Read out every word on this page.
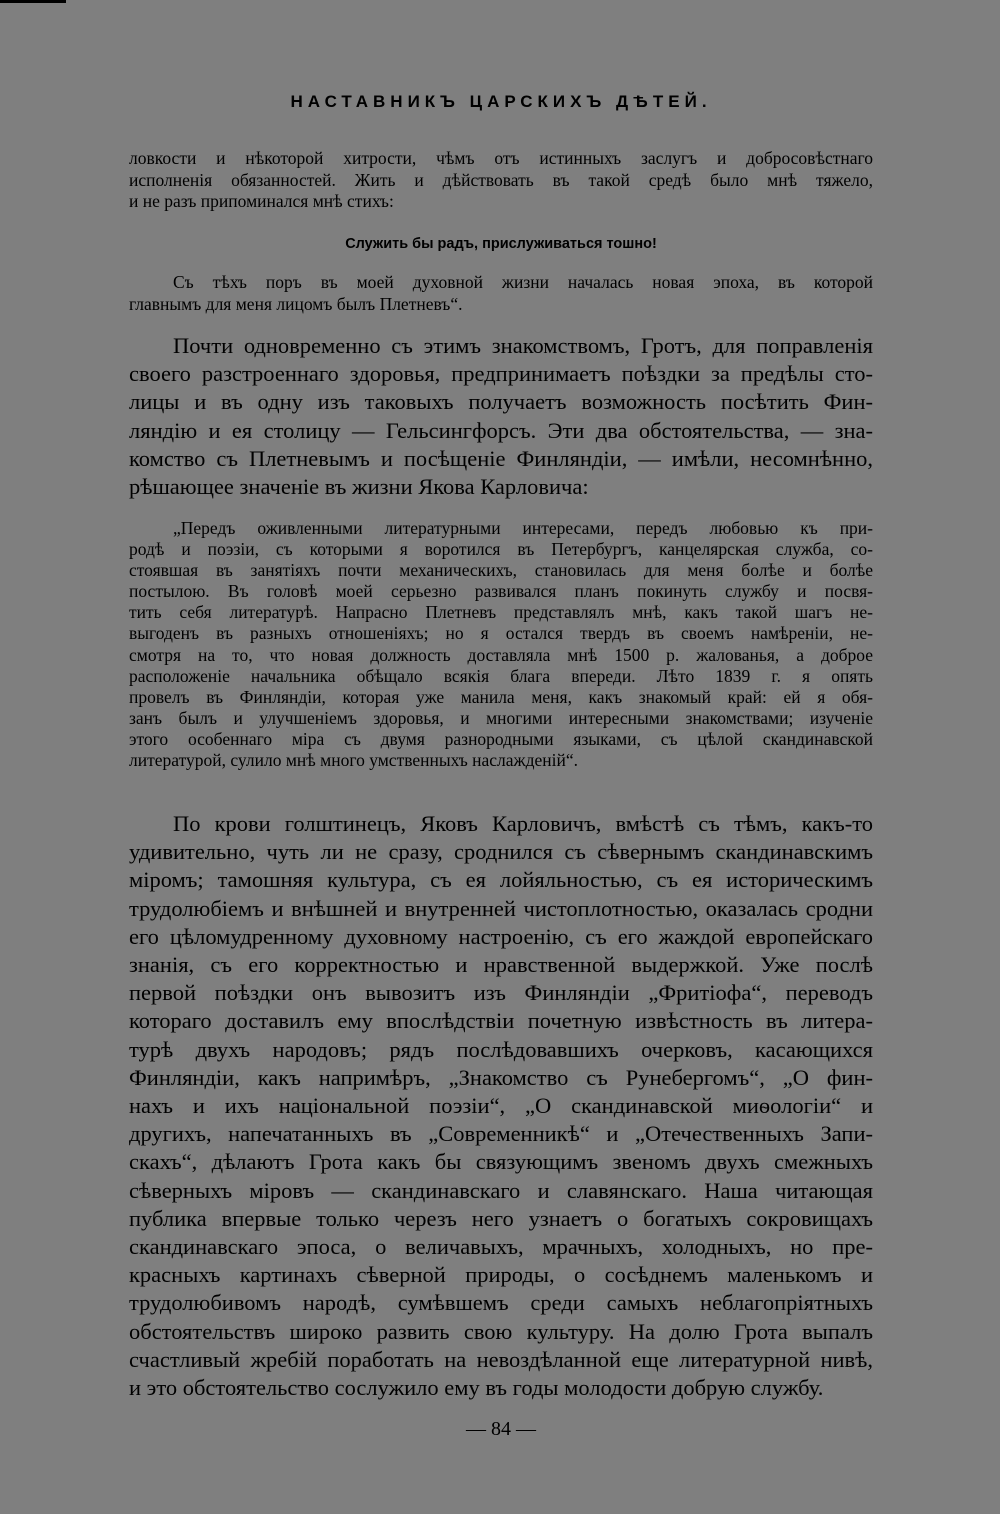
НАСТАВНИКЪ ЦАРСКИХЪ ДѢТЕЙ.

ловкости и нѣкоторой хитрости, чѣмъ отъ истинныхъ заслугъ и добросовѣстнаго
исполненія обязанностей. Жить и дѣйствовать въ такой средѣ было мнѣ тяжело,
и не разъ припоминался мнѣ стихъ:

Служить бы радъ, прислуживаться тошно!

Съ тѣхъ поръ въ моей духовной жизни началась новая эпоха, въ которой
главнымъ для меня лицомъ былъ Плетневъ“.

Почти одновременно съ этимъ знакомствомъ, Гротъ, для поправленія
своего разстроеннаго здоровья, предпринимаетъ поѣздки за предѣлы сто-
лицы и въ одну изъ таковыхъ получаетъ возможность посѣтить Фин-
ляндію и ея столицу — Гельсингфорсъ. Эти два обстоятельства, — зна-
комство съ Плетневымъ и посѣщеніе Финляндіи, — имѣли, несомнѣнно,
рѣшающее значеніе въ жизни Якова Карловича:

„Передъ оживленными литературными интересами, передъ любовью къ при-
родѣ и поэзіи, съ которыми я воротился въ Петербургъ, канцелярская служба, со-
стоявшая въ занятіяхъ почти механическихъ, становилась для меня болѣе и болѣе
постылою. Въ головѣ моей серьезно развивался планъ покинуть службу и посвя-
тить себя литературѣ. Напрасно Плетневъ представлялъ мнѣ, какъ такой шагъ не-
выгоденъ въ разныхъ отношеніяхъ; но я остался твердъ въ своемъ намѣреніи, не-
смотря на то, что новая должность доставляла мнѣ 1500 р. жалованья, а доброе
расположеніе начальника обѣщало всякія блага впереди. Лѣто 1839 г. я опять
провелъ въ Финляндіи, которая уже манила меня, какъ знакомый край: ей я обя-
занъ былъ и улучшеніемъ здоровья, и многими интересными знакомствами; изученіе
этого особеннаго міра съ двумя разнородными языками, съ цѣлой скандинавской
литературой, сулило мнѣ много умственныхъ наслажденій“.

По крови голштинецъ, Яковъ Карловичъ, вмѣстѣ съ тѣмъ, какъ-то
удивительно, чуть ли не сразу, сроднился съ сѣвернымъ скандинавскимъ
міромъ; тамошняя культура, съ ея лойяльностью, съ ея историческимъ
трудолюбіемъ и внѣшней и внутренней чистоплотностью, оказалась сродни
его цѣломудренному духовному настроенію, съ его жаждой европейскаго
знанія, съ его корректностью и нравственной выдержкой. Уже послѣ
первой поѣздки онъ вывозитъ изъ Финляндіи „Фритіофа“, переводъ
котораго доставилъ ему впослѣдствіи почетную извѣстность въ литера-
турѣ двухъ народовъ; рядъ послѣдовавшихъ очерковъ, касающихся
Финляндіи, какъ напримѣръ, „Знакомство съ Рунебергомъ“, „О фин-
нахъ и ихъ національной поэзіи“, „О скандинавской миѳологіи“ и
другихъ, напечатанныхъ въ „Современникѣ“ и „Отечественныхъ Запи-
скахъ“, дѣлаютъ Грота какъ бы связующимъ звеномъ двухъ смежныхъ
сѣверныхъ міровъ — скандинавскаго и славянскаго. Наша читающая
публика впервые только черезъ него узнаетъ о богатыхъ сокровищахъ
скандинавскаго эпоса, о величавыхъ, мрачныхъ, холодныхъ, но пре-
красныхъ картинахъ сѣверной природы, о сосѣднемъ маленькомъ и
трудолюбивомъ народѣ, сумѣвшемъ среди самыхъ неблагопріятныхъ
обстоятельствъ широко развить свою культуру. На долю Грота выпалъ
счастливый жребій поработать на невоздѣланной еще литературной нивѣ,
и это обстоятельство сослужило ему въ годы молодости добрую службу.

— 84 —
